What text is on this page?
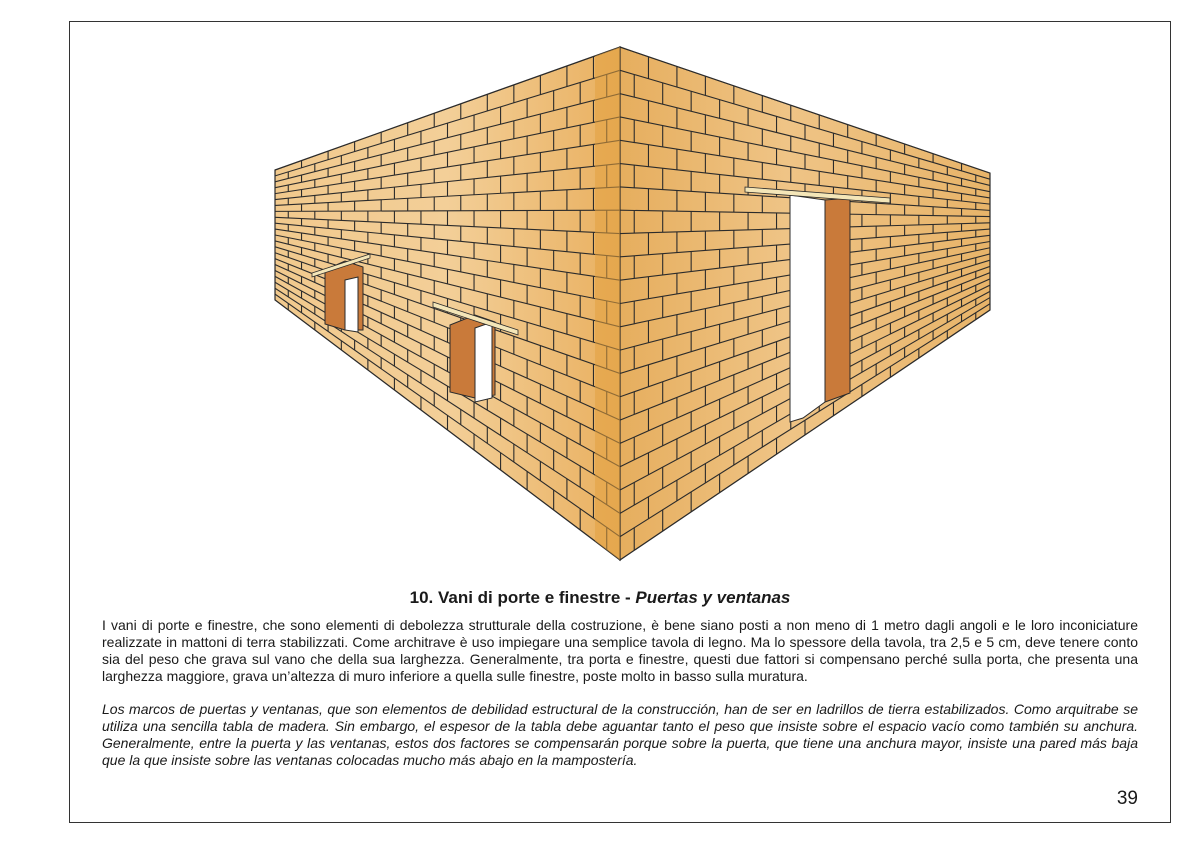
10. Vani di porte e finestre - Puertas y ventanas
I vani di porte e finestre, che sono elementi di debolezza strutturale della costruzione, è bene siano posti a non meno di 1 metro dagli angoli e le loro inconiciature realizzate in mattoni di terra stabilizzati. Come architrave è uso impiegare una semplice tavola di legno. Ma lo spessore della tavola, tra 2,5 e 5 cm, deve tenere conto sia del peso che grava sul vano che della sua larghezza. Generalmente, tra porta e finestre, questi due fattori si compensano perché sulla porta, che presenta una larghezza maggiore, grava un’altezza di muro inferiore a quella sulle finestre, poste molto in basso sulla muratura.
Los marcos de puertas y ventanas, que son elementos de debilidad estructural de la construcción, han de ser en ladrillos de tierra estabilizados. Como arquitrabe se utiliza una sencilla tabla de madera. Sin embargo, el espesor de la tabla debe aguantar tanto el peso que insiste sobre el espacio vacío como también su anchura. Generalmente, entre la puerta y las ventanas, estos dos factores se compensarán porque sobre la puerta, que tiene una anchura mayor, insiste una pared más baja que la que insiste sobre las ventanas colocadas mucho más abajo en la mampostería.
39
